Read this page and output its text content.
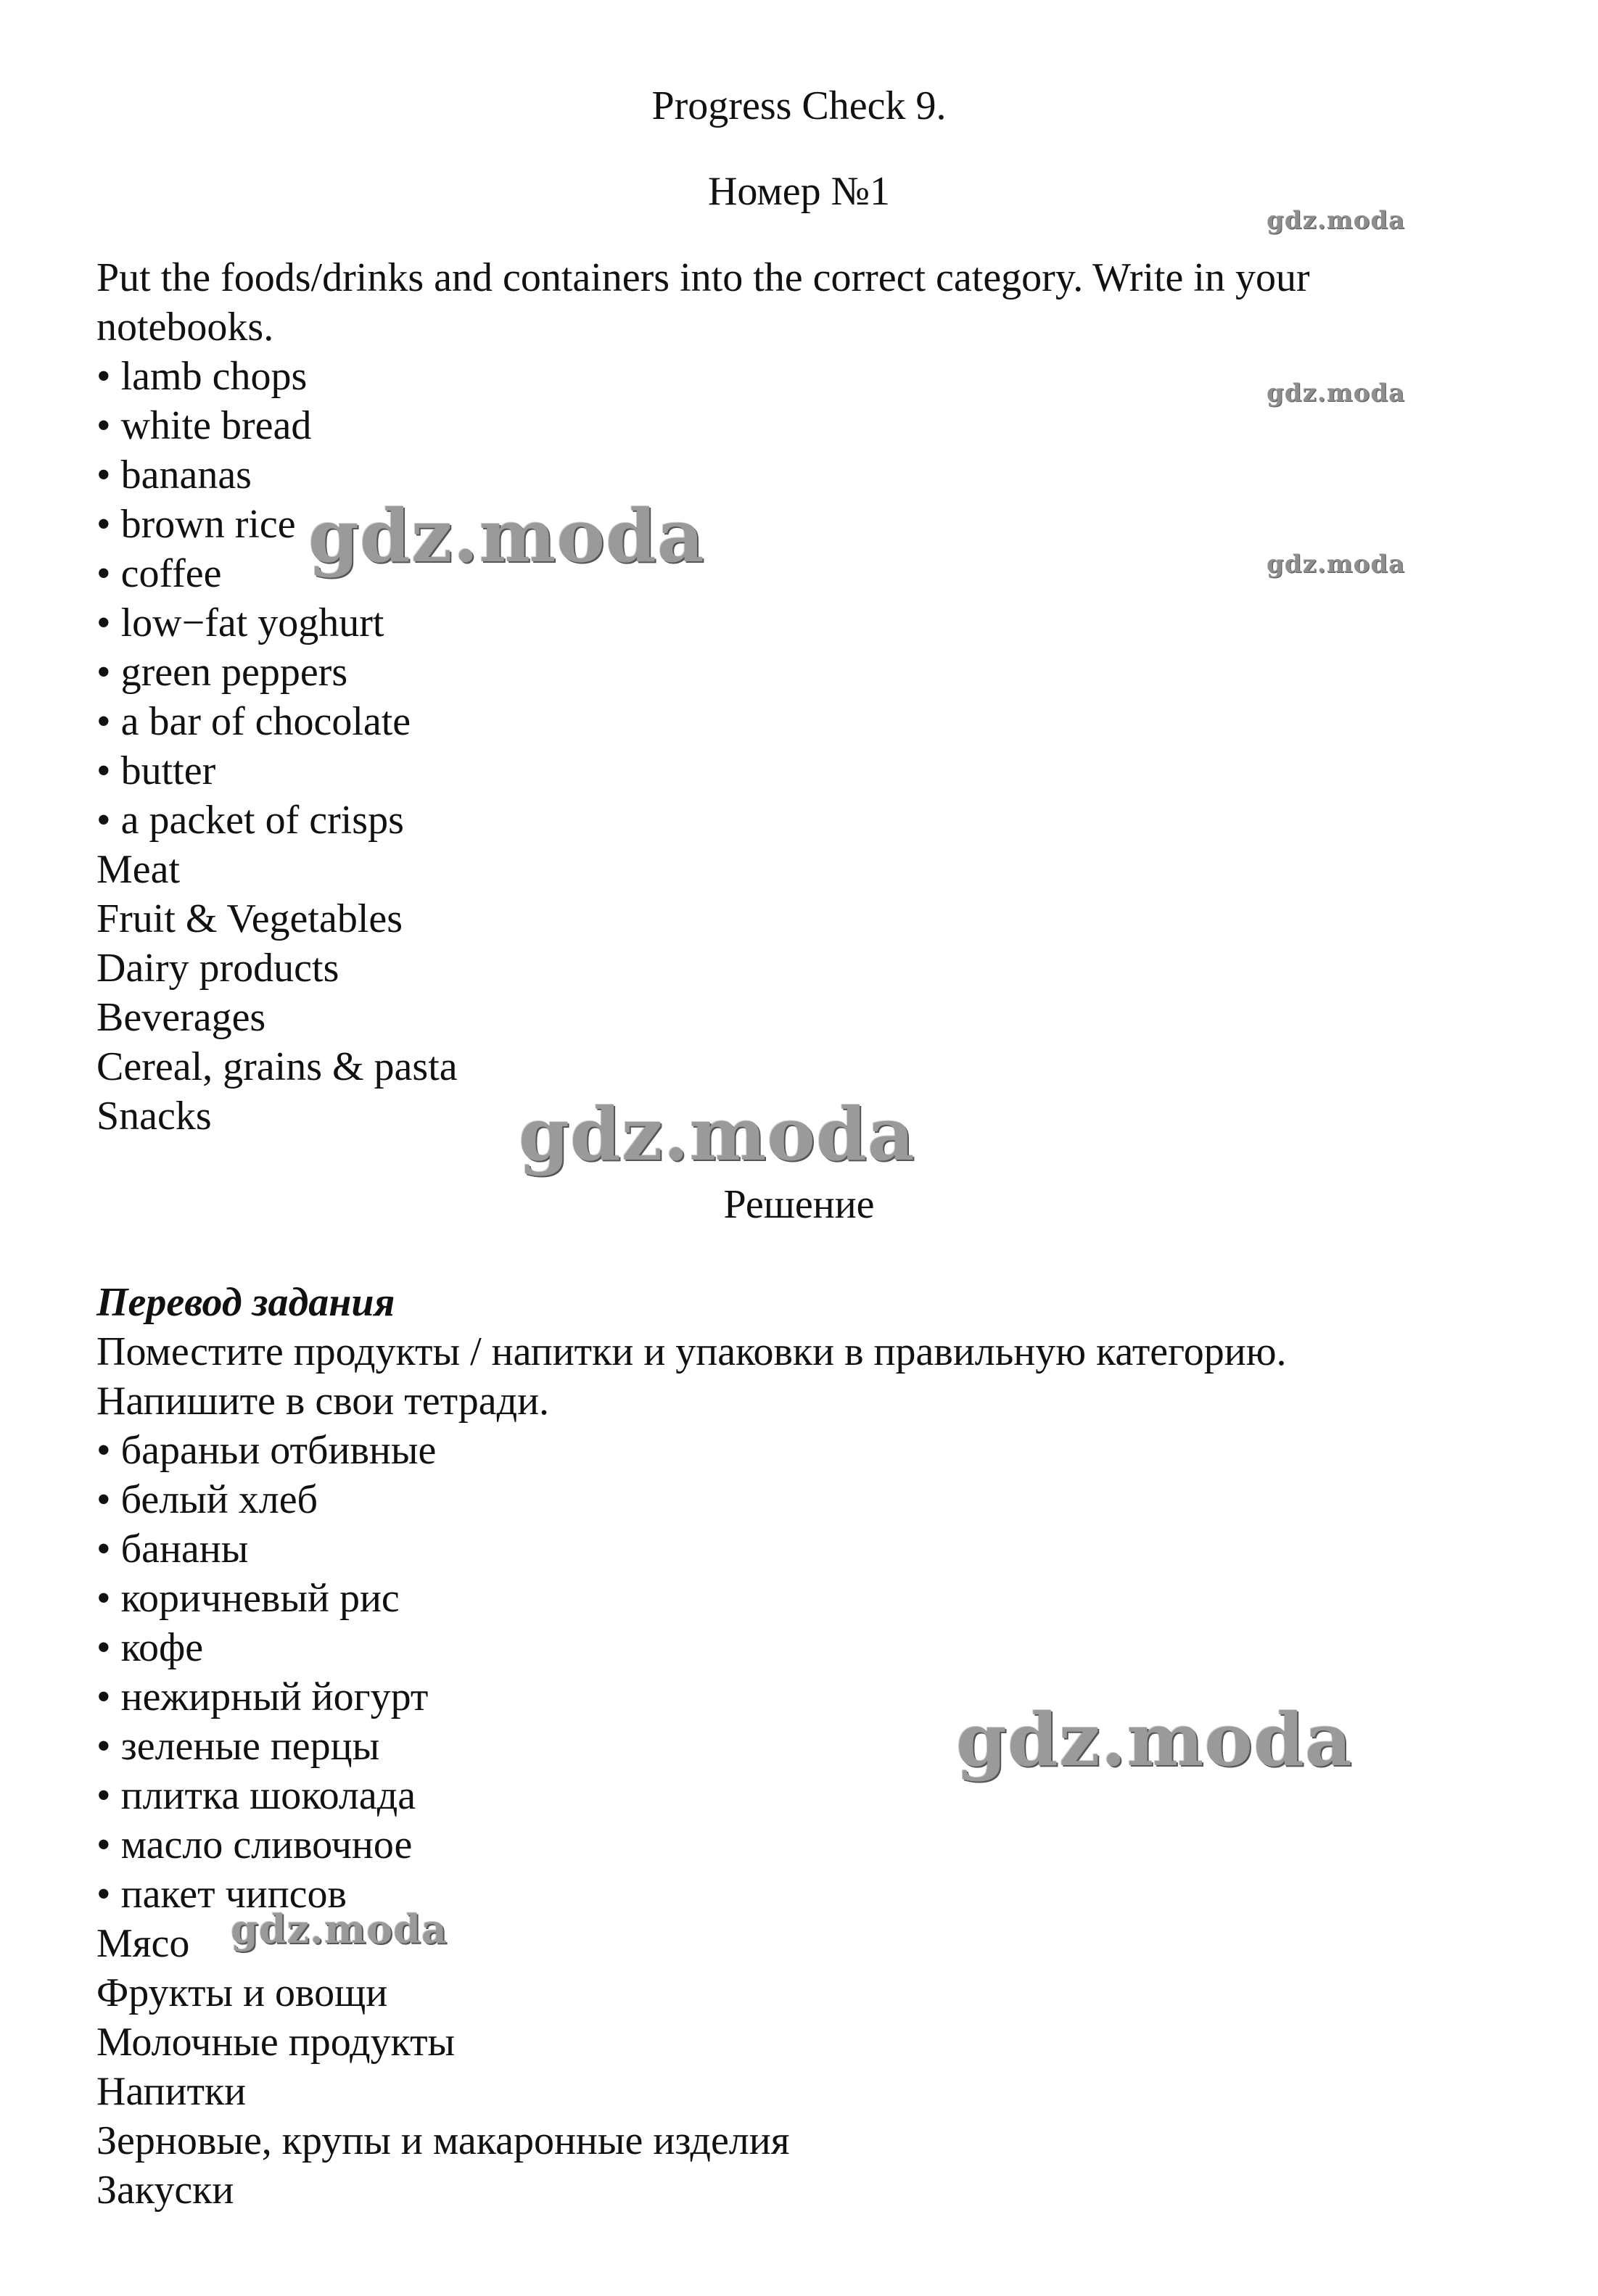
Progress Check 9.
Номер №1
Put the foods/drinks and containers into the correct category. Write in your notebooks.
• lamb chops
• white bread
• bananas
• brown rice
• coffee
• low−fat yoghurt
• green peppers
• a bar of chocolate
• butter
• a packet of crisps
Meat
Fruit & Vegetables
Dairy products
Beverages
Cereal, grains & pasta
Snacks
Решение
Перевод задания
Поместите продукты / напитки и упаковки в правильную категорию. Напишите в свои тетради.
• бараньи отбивные
• белый хлеб
• бананы
• коричневый рис
• кофе
• нежирный йогурт
• зеленые перцы
• плитка шоколада
• масло сливочное
• пакет чипсов
Мясо
Фрукты и овощи
Молочные продукты
Напитки
Зерновые, крупы и макаронные изделия
Закуски
gdz.moda
gdz.moda
gdz.moda
gdz.moda
gdz.moda
gdz.moda
gdz.moda
